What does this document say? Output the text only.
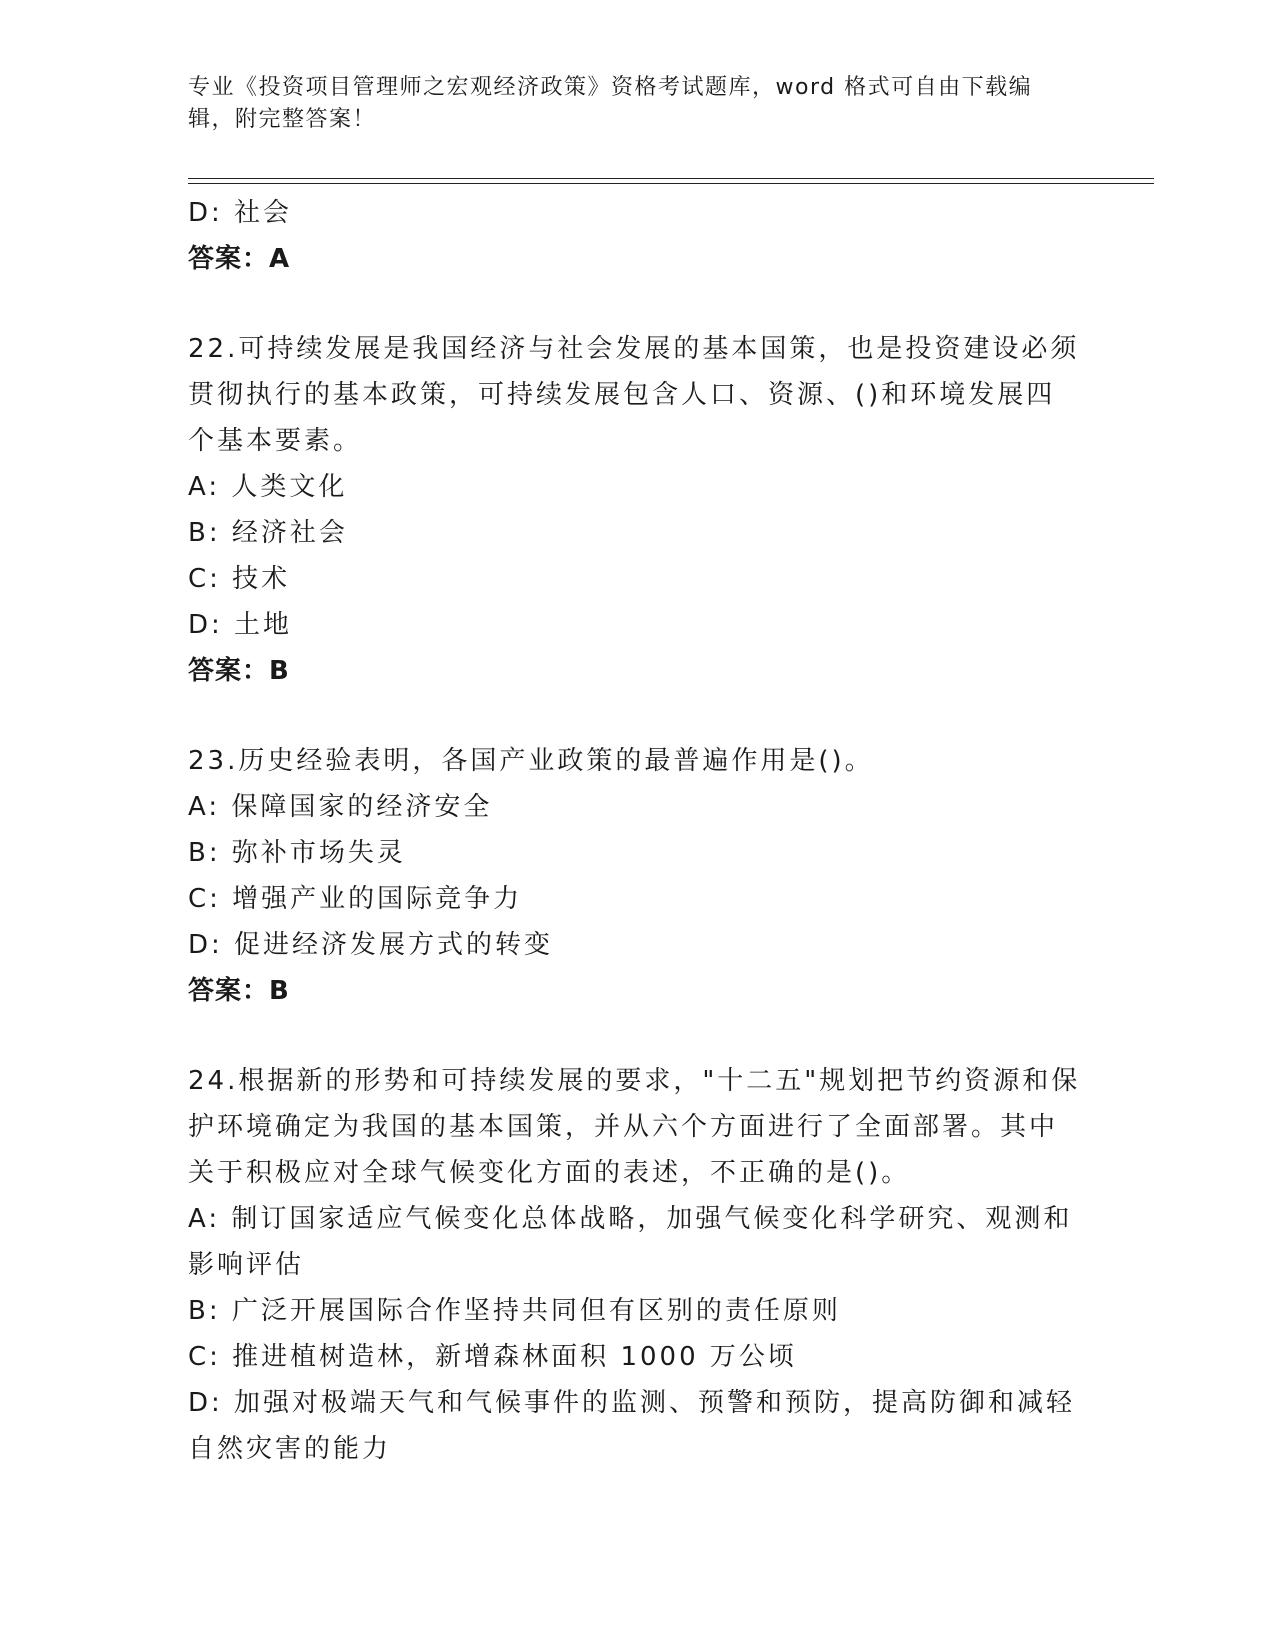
专业《投资项目管理师之宏观经济政策》资格考试题库，word 格式可自由下载编
辑，附完整答案！
D: 社会
答案：A
22.可持续发展是我国经济与社会发展的基本国策，也是投资建设必须
贯彻执行的基本政策，可持续发展包含人口、资源、()和环境发展四
个基本要素。
A: 人类文化
B: 经济社会
C: 技术
D: 土地
答案：B
23.历史经验表明，各国产业政策的最普遍作用是()。
A: 保障国家的经济安全
B: 弥补市场失灵
C: 增强产业的国际竞争力
D: 促进经济发展方式的转变
答案：B
24.根据新的形势和可持续发展的要求，"十二五"规划把节约资源和保
护环境确定为我国的基本国策，并从六个方面进行了全面部署。其中
关于积极应对全球气候变化方面的表述，不正确的是()。
A: 制订国家适应气候变化总体战略，加强气候变化科学研究、观测和
影响评估
B: 广泛开展国际合作坚持共同但有区别的责任原则
C: 推进植树造林，新增森林面积 1000 万公顷
D: 加强对极端天气和气候事件的监测、预警和预防，提高防御和减轻
自然灾害的能力
